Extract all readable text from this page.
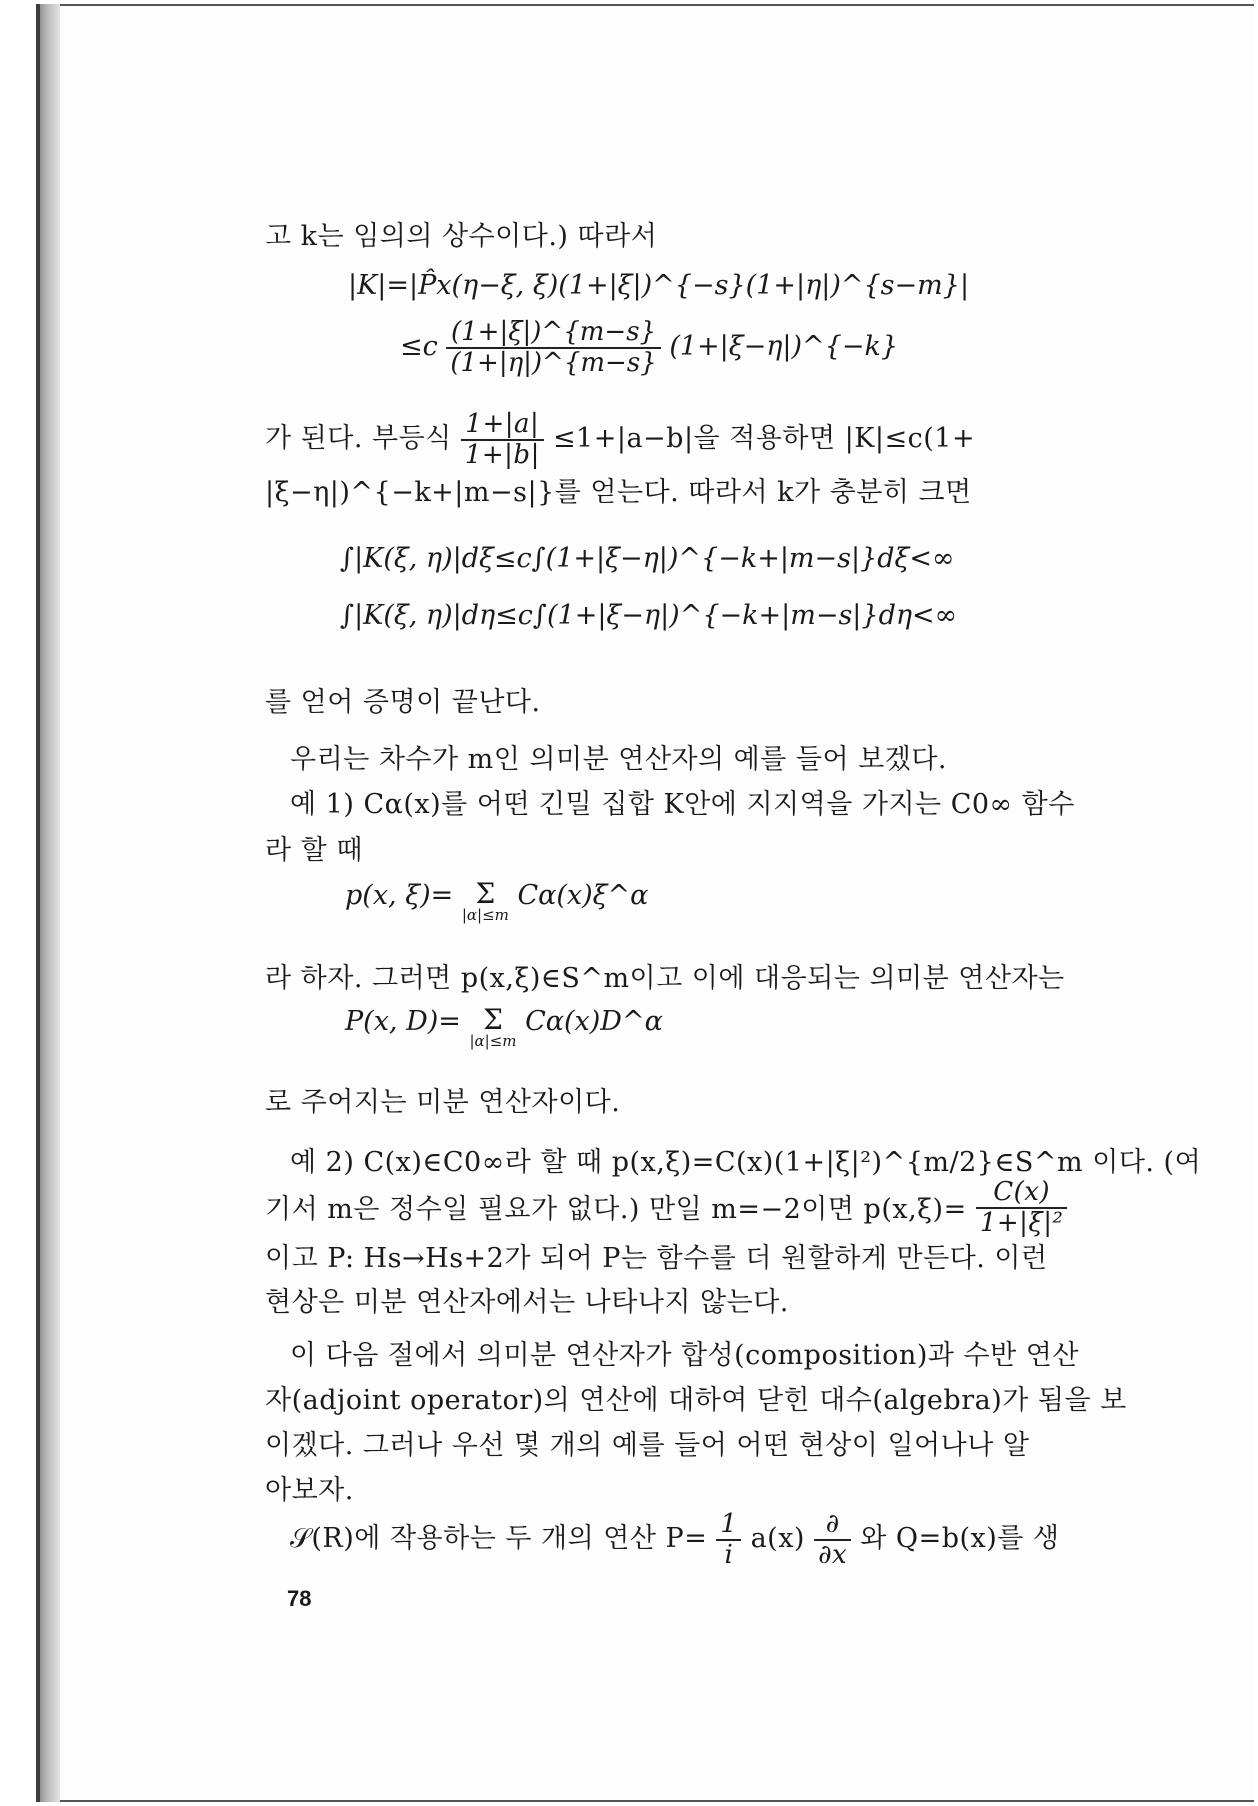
고 k는 임의의 상수이다.) 따라서
|K|=|P̂x(η−ξ, ξ)(1+|ξ|)^{−s}(1+|η|)^{s−m}|
$\le c \frac{(1+|\xi|)\^{}\{m-s\}}{(1+|\eta|)\^{}\{m-s\}}$ (1+|ξ−η|)^{−k}
가 된다. 부등식 $\frac{1+|a|}{1+|b|} \le 1+|a-b|$을 적용하면 |K|≤c(1+
|ξ−η|)^{−k+|m−s|}를 얻는다. 따라서 k가 충분히 크면
∫|K(ξ, η)|dξ≤c∫(1+|ξ−η|)^{−k+|m−s|}dξ<∞
∫|K(ξ, η)|dη≤c∫(1+|ξ−η|)^{−k+|m−s|}dη<∞
를 얻어 증명이 끝난다.
우리는 차수가 m인 의미분 연산자의 예를 들어 보겠다.
예 1) Cα(x)를 어떤 긴밀 집합 K안에 지지역을 가지는 C0∞ 함수
라 할 때
p(x, ξ)= Σ
|α|≤m
Cα(x)ξ^α
라 하자. 그러면 p(x,ξ)∈S^m이고 이에 대응되는 의미분 연산자는
P(x, D)= Σ
|α|≤m
Cα(x)D^α
로 주어지는 미분 연산자이다.
예 2) C(x)∈C0∞라 할 때 p(x,ξ)=C(x)(1+|ξ|²)^{m/2}∈S^m 이다. (여
기서 m은 정수일 필요가 없다.) 만일 m=−2이면 $p(x,\xi)= \frac{C(x)}{\text{1+|ξ|²}}$
이고 P: Hs→Hs+2가 되어 P는 함수를 더 원할하게 만든다. 이런
현상은 미분 연산자에서는 나타나지 않는다.
이 다음 절에서 의미분 연산자가 합성(composition)과 수반 연산
자(adjoint operator)의 연산에 대하여 닫힌 대수(algebra)가 됨을 보
이겠다. 그러나 우선 몇 개의 예를 들어 어떤 현상이 일어나나 알
아보자.
𝒮(R)에 작용하는 두 개의 연산 $P= \frac{1}{i} a(x) \frac{\partial}{\partial x}$ 와 Q=b(x)를 생
78
